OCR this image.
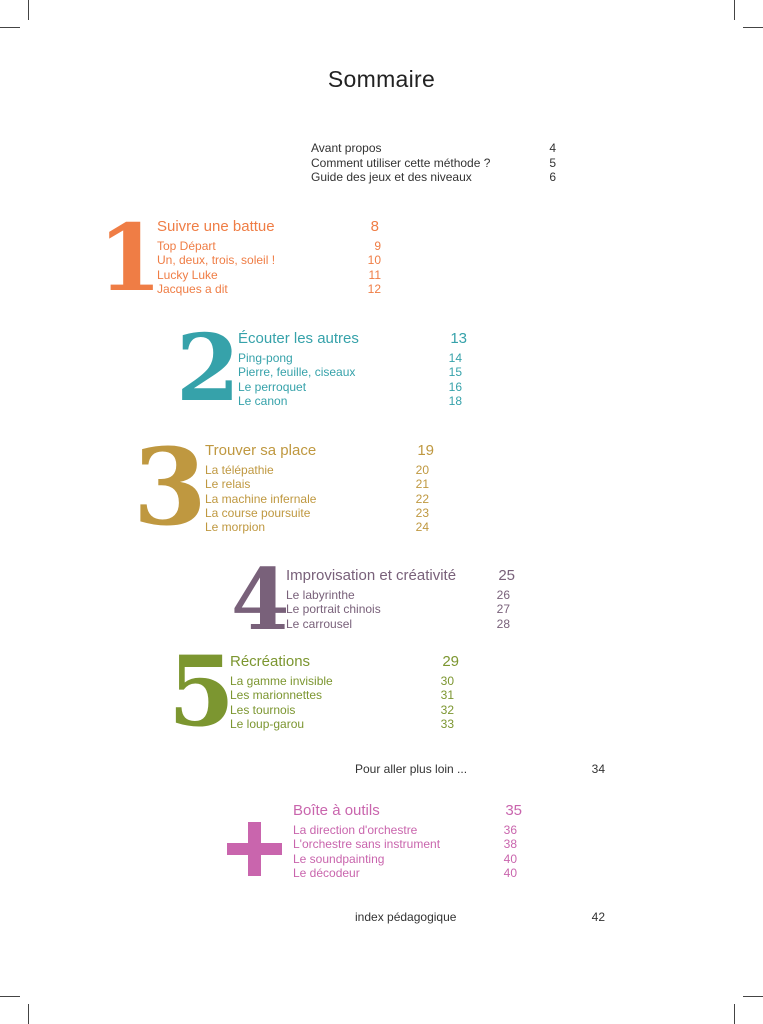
Sommaire
Avant propos	4
Comment utiliser cette méthode ?	5
Guide des jeux et des niveaux	6
1
Suivre une battue	8
Top Départ	9
Un, deux, trois, soleil !	10
Lucky Luke	11
Jacques a dit	12
2
Écouter les autres	13
Ping-pong	14
Pierre, feuille, ciseaux	15
Le perroquet	16
Le canon	18
3
Trouver sa place	19
La télépathie	20
Le relais	21
La machine infernale	22
La course poursuite	23
Le morpion	24
4
Improvisation et créativité	25
Le labyrinthe	26
Le portrait chinois	27
Le carrousel	28
5
Récréations	29
La gamme invisible	30
Les marionnettes	31
Les tournois	32
Le loup-garou	33
Pour aller plus loin ...	34
Boîte à outils	35
La direction d'orchestre	36
L'orchestre sans instrument	38
Le soundpainting	40
Le décodeur	40
index pédagogique	42
